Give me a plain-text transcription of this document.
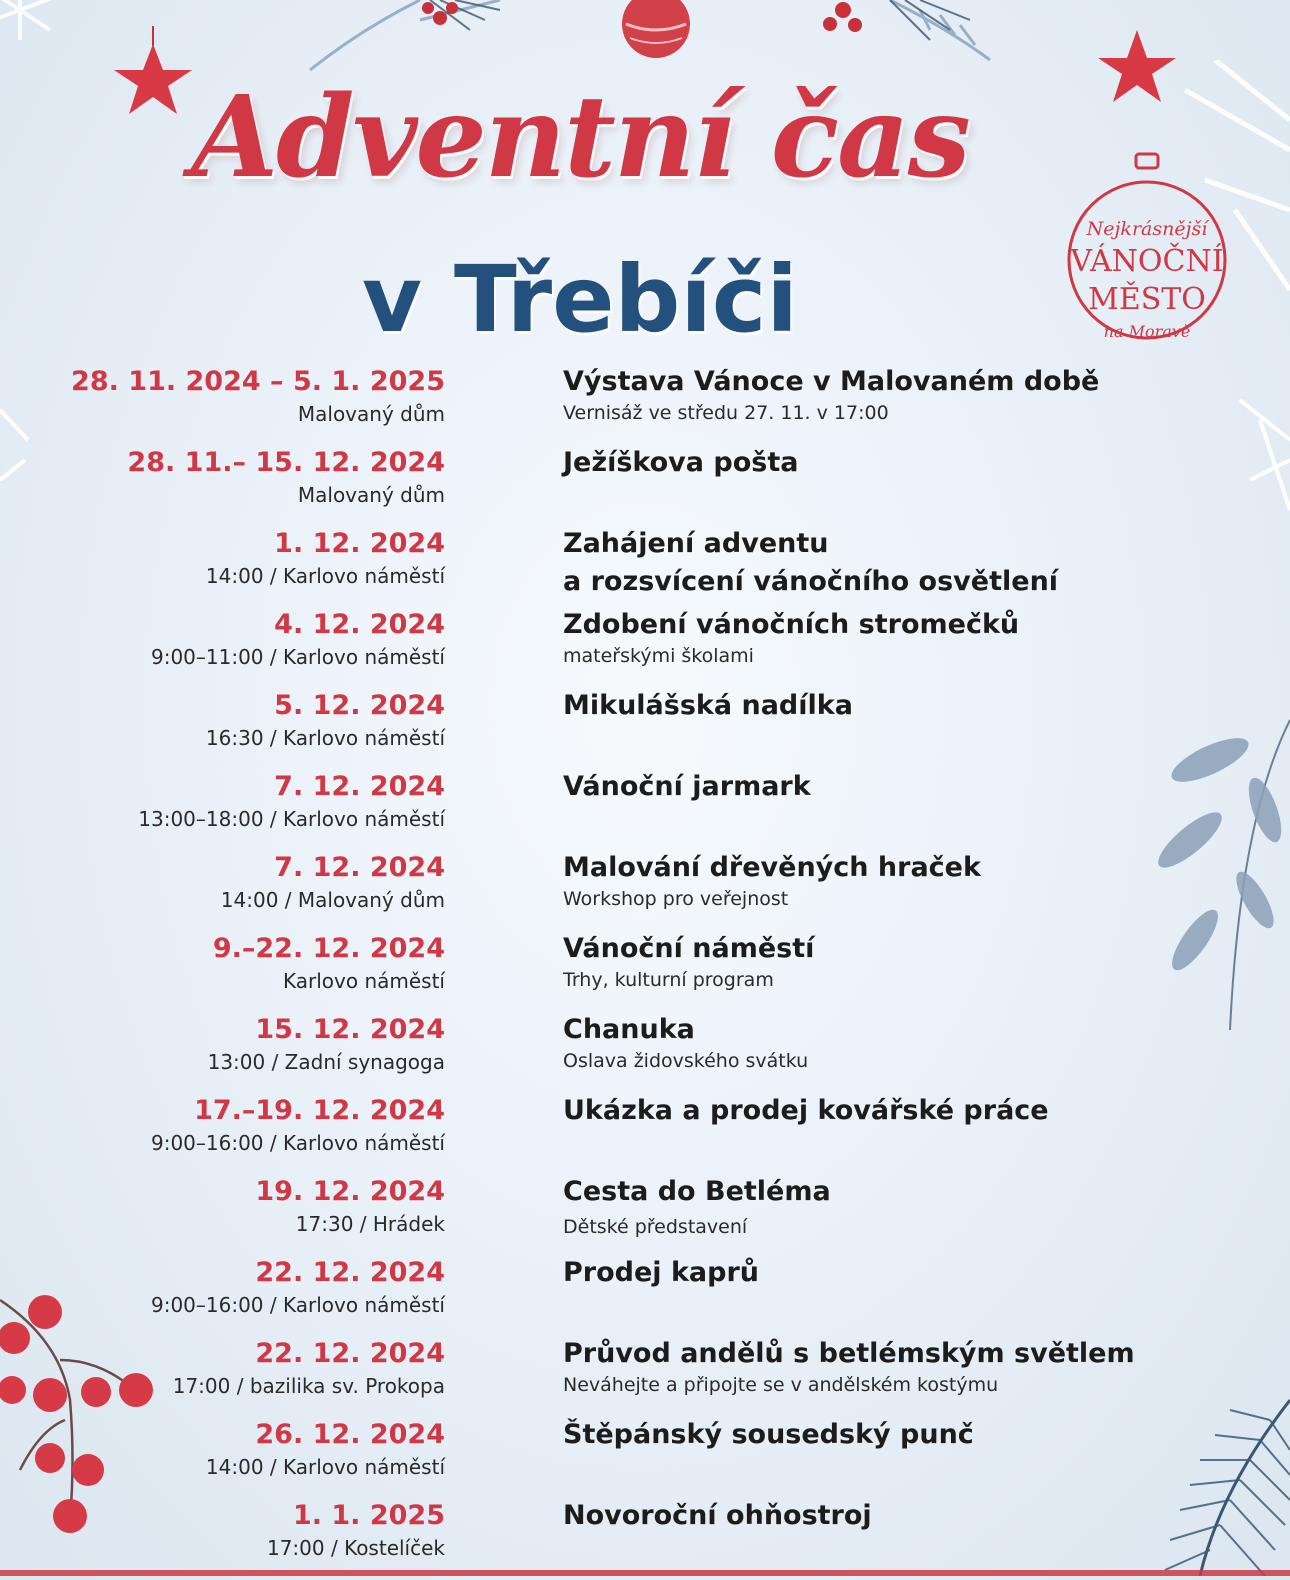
Adventní čas
v Třebíči
Nejkrásnější
VÁNOČNÍ
MĚSTO
na Moravě
28. 11. 2024 – 5. 1. 2025
Malovaný dům
Výstava Vánoce v Malovaném době
Vernisáž ve středu 27. 11. v 17:00
28. 11.– 15. 12. 2024
Malovaný dům
Ježíškova pošta
1. 12. 2024
14:00 / Karlovo náměstí
Zahájení adventu
a rozsvícení vánočního osvětlení
4. 12. 2024
9:00–11:00 / Karlovo náměstí
Zdobení vánočních stromečků
mateřskými školami
5. 12. 2024
16:30 / Karlovo náměstí
Mikulášská nadílka
7. 12. 2024
13:00–18:00 / Karlovo náměstí
Vánoční jarmark
7. 12. 2024
14:00 / Malovaný dům
Malování dřevěných hraček
Workshop pro veřejnost
9.–22. 12. 2024
Karlovo náměstí
Vánoční náměstí
Trhy, kulturní program
15. 12. 2024
13:00 / Zadní synagoga
Chanuka
Oslava židovského svátku
17.–19. 12. 2024
9:00–16:00 / Karlovo náměstí
Ukázka a prodej kovářské práce
19. 12. 2024
17:30 / Hrádek
Cesta do Betléma
Dětské představení
22. 12. 2024
9:00–16:00 / Karlovo náměstí
Prodej kaprů
22. 12. 2024
17:00 / bazilika sv. Prokopa
Průvod andělů s betlémským světlem
Neváhejte a připojte se v andělském kostýmu
26. 12. 2024
14:00 / Karlovo náměstí
Štěpánský sousedský punč
1. 1. 2025
17:00 / Kostelíček
Novoroční ohňostroj
